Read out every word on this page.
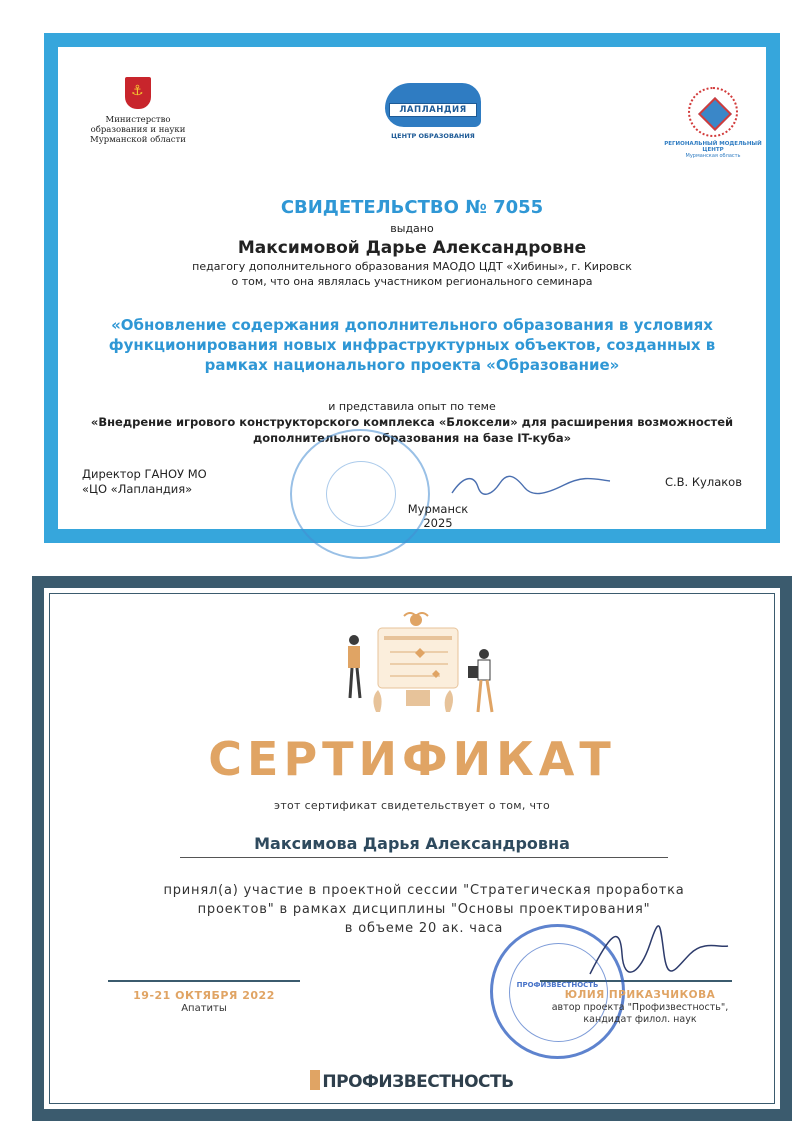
⚓
Министерство образования и науки Мурманской области
ЛАПЛАНДИЯ
ЦЕНТР ОБРАЗОВАНИЯ
РЕГИОНАЛЬНЫЙ МОДЕЛЬНЫЙ ЦЕНТР
Мурманская область
СВИДЕТЕЛЬСТВО № 7055
выдано
Максимовой Дарье Александровне
педагогу дополнительного образования МАОДО ЦДТ «Хибины», г. Кировск
о том, что она являлась участником регионального семинара
«Обновление содержания дополнительного образования в условиях функционирования новых инфраструктурных объектов, созданных в рамках национального проекта «Образование»
и представила опыт по теме
«Внедрение игрового конструкторского комплекса «Блоксели» для расширения возможностей дополнительного образования на базе IT-куба»
Директор ГАНОУ МО
«ЦО «Лапландия»	С.В. Кулаков
Мурманск
2025
СЕРТИФИКАТ
этот сертификат свидетельствует о том, что
Максимова Дарья Александровна
принял(а) участие в проектной сессии "Стратегическая проработка
проектов" в рамках дисциплины "Основы проектирования"
в объеме 20 ак. часа
19-21 ОКТЯБРЯ 2022
Апатиты
ПРОФИЗВЕСТНОСТЬ
ЮЛИЯ ПРИКАЗЧИКОВА
автор проекта "Профизвестность",
кандидат филол. наук
ПРОФИЗВЕСТНОСТЬ
